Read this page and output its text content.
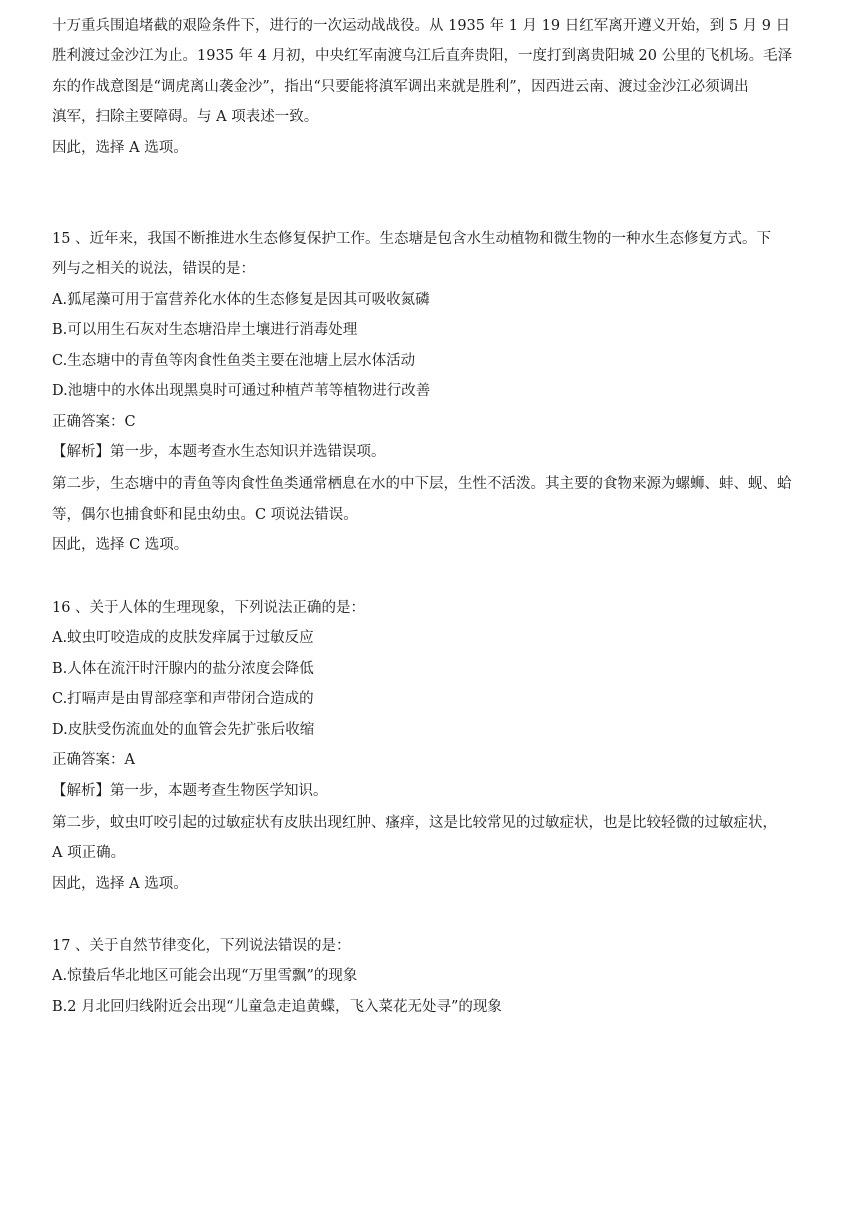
十万重兵围追堵截的艰险条件下，进行的一次运动战战役。从 1935 年 1 月 19 日红军离开遵义开始，到 5 月 9 日
胜利渡过金沙江为止。1935 年 4 月初，中央红军南渡乌江后直奔贵阳，一度打到离贵阳城 20 公里的飞机场。毛泽
东的作战意图是“调虎离山袭金沙”，指出“只要能将滇军调出来就是胜利”，因西进云南、渡过金沙江必须调出
滇军，扫除主要障碍。与 A 项表述一致。
因此，选择 A 选项。
15 、近年来，我国不断推进水生态修复保护工作。生态塘是包含水生动植物和微生物的一种水生态修复方式。下
列与之相关的说法，错误的是：
A.狐尾藻可用于富营养化水体的生态修复是因其可吸收氮磷
B.可以用生石灰对生态塘沿岸土壤进行消毒处理
C.生态塘中的青鱼等肉食性鱼类主要在池塘上层水体活动
D.池塘中的水体出现黑臭时可通过种植芦苇等植物进行改善
正确答案：C
【解析】第一步，本题考查水生态知识并选错误项。
第二步，生态塘中的青鱼等肉食性鱼类通常栖息在水的中下层，生性不活泼。其主要的食物来源为螺蛳、蚌、蚬、蛤
等，偶尔也捕食虾和昆虫幼虫。C 项说法错误。
因此，选择 C 选项。
16 、关于人体的生理现象，下列说法正确的是：
A.蚊虫叮咬造成的皮肤发痒属于过敏反应
B.人体在流汗时汗腺内的盐分浓度会降低
C.打嗝声是由胃部痉挛和声带闭合造成的
D.皮肤受伤流血处的血管会先扩张后收缩
正确答案：A
【解析】第一步，本题考查生物医学知识。
第二步，蚊虫叮咬引起的过敏症状有皮肤出现红肿、瘙痒，这是比较常见的过敏症状，也是比较轻微的过敏症状，
A 项正确。
因此，选择 A 选项。
17 、关于自然节律变化，下列说法错误的是：
A.惊蛰后华北地区可能会出现“万里雪飘”的现象
B.2 月北回归线附近会出现“儿童急走追黄蝶，飞入菜花无处寻”的现象
